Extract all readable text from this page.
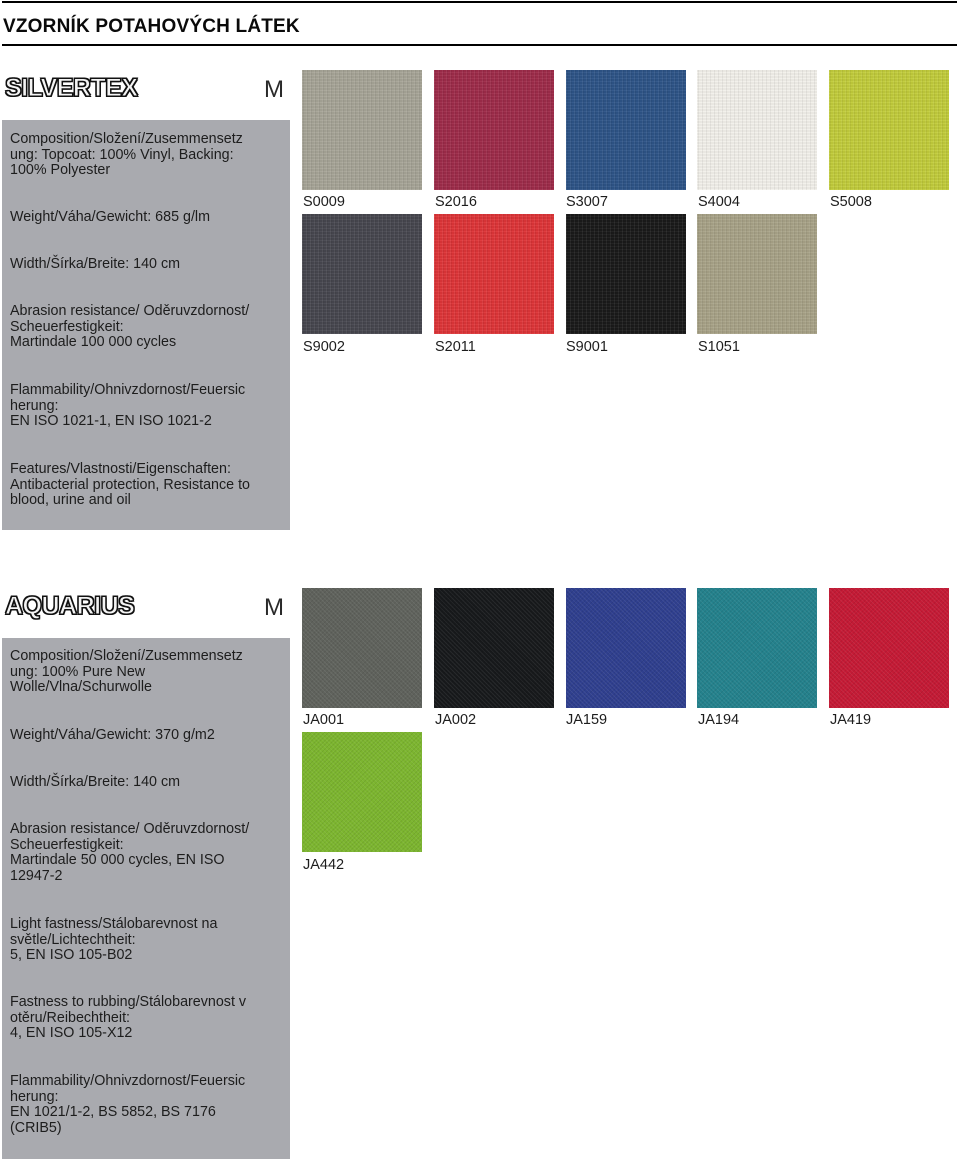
VZORNÍK POTAHOVÝCH LÁTEK
SILVERTEX	M
Composition/Složení/Zusemmensetz
ung: Topcoat: 100% Vinyl, Backing:
100% Polyester
Weight/Váha/Gewicht: 685 g/lm
Width/Šírka/Breite: 140 cm
Abrasion resistance/ Oděruvzdornost/
Scheuerfestigkeit:
Martindale 100 000 cycles
Flammability/Ohnivzdornost/Feuersic
herung:
EN ISO 1021-1, EN ISO 1021-2
Features/Vlastnosti/Eigenschaften:
Antibacterial protection, Resistance to
blood, urine and oil
S0009	S2016	S3007	S4004	S5008
S9002	S2011	S9001	S1051
AQUARIUS	M
Composition/Složení/Zusemmensetz
ung: 100% Pure New
Wolle/Vlna/Schurwolle
Weight/Váha/Gewicht: 370 g/m2
Width/Šírka/Breite: 140 cm
Abrasion resistance/ Oděruvzdornost/
Scheuerfestigkeit:
Martindale 50 000 cycles, EN ISO
12947-2
Light fastness/Stálobarevnost na
světle/Lichtechtheit:
5, EN ISO 105-B02
Fastness to rubbing/Stálobarevnost v
otěru/Reibechtheit:
4, EN ISO 105-X12
Flammability/Ohnivzdornost/Feuersic
herung:
EN 1021/1-2, BS 5852, BS 7176
(CRIB5)
JA001	JA002	JA159	JA194	JA419
JA442
